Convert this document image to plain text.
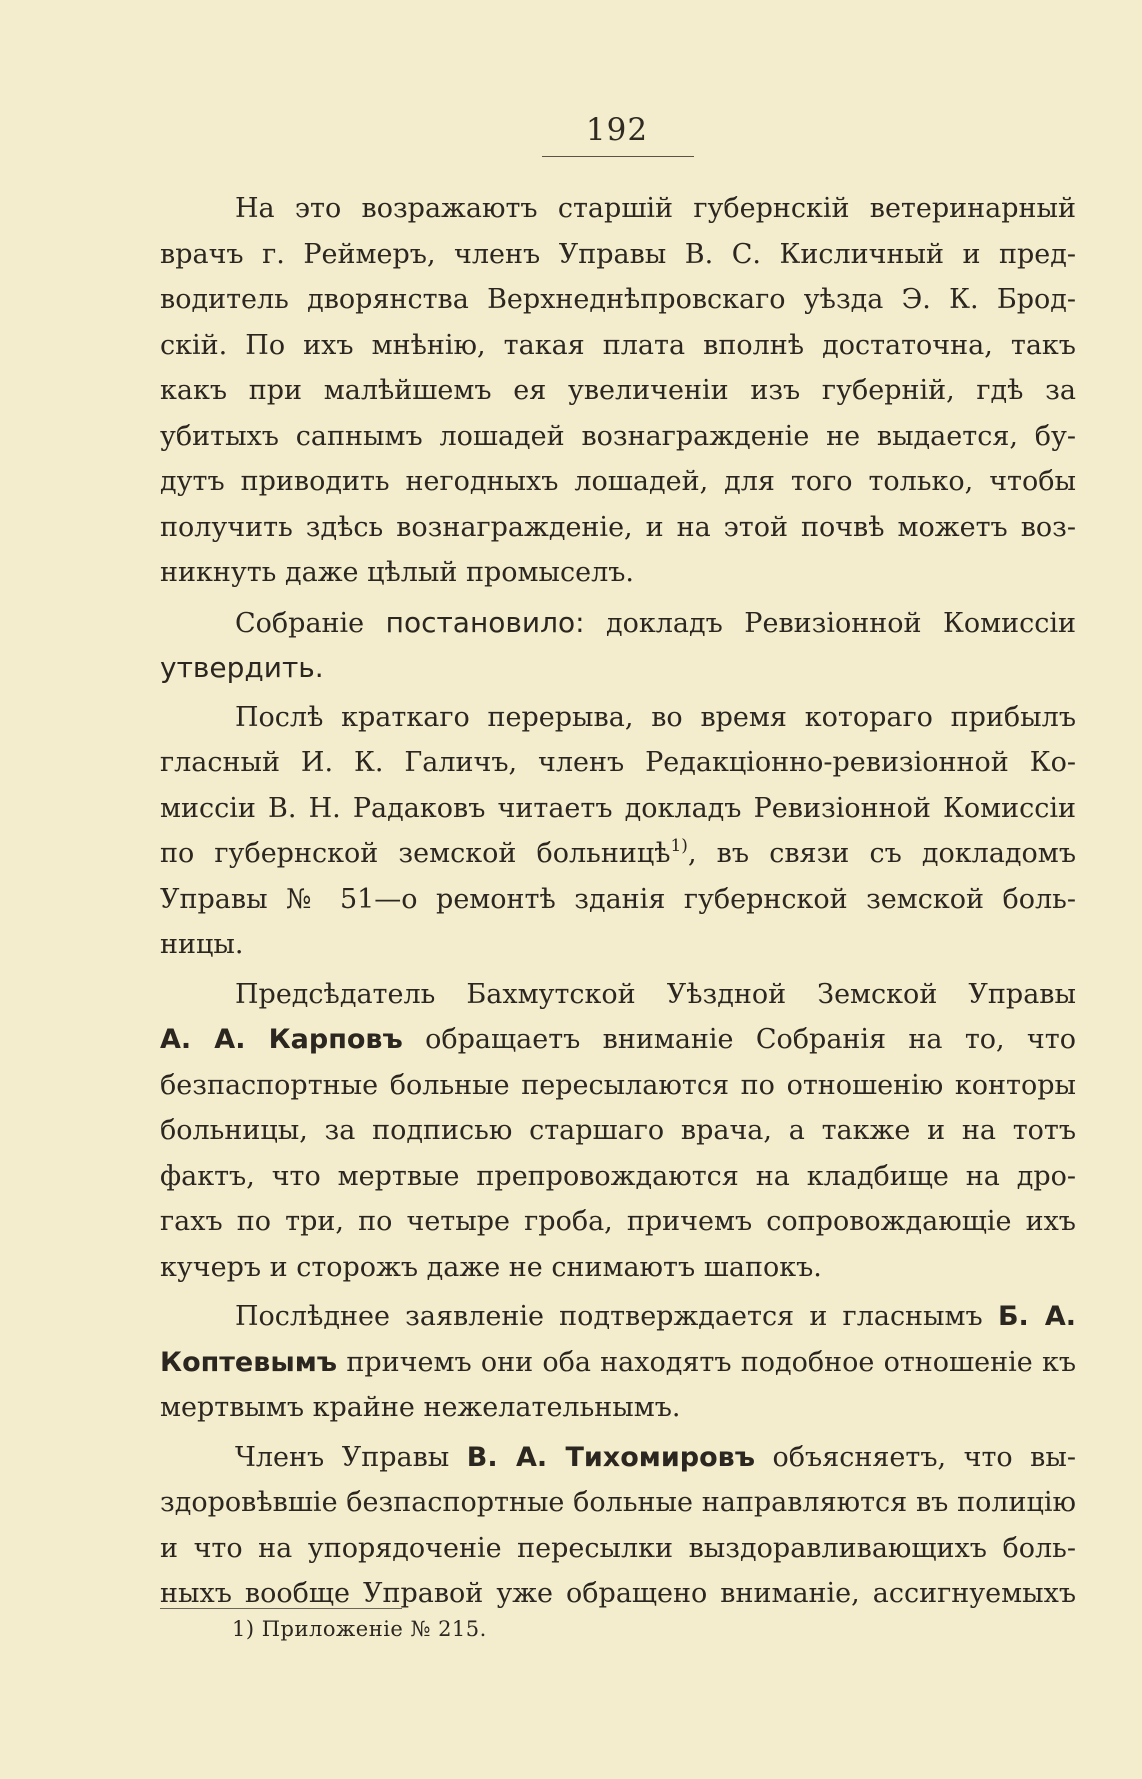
192
На это возражаютъ старшій губернскій ветеринарный
врачъ г. Реймеръ, членъ Управы В. С. Кисличный и пред-
водитель дворянства Верхнеднѣпровскаго уѣзда Э. К. Брод-
скій. По ихъ мнѣнію, такая плата вполнѣ достаточна, такъ
какъ при малѣйшемъ ея увеличеніи изъ губерній, гдѣ за
убитыхъ сапнымъ лошадей вознагражденіе не выдается, бу-
дутъ приводить негодныхъ лошадей, для того только, чтобы
получить здѣсь вознагражденіе, и на этой почвѣ можетъ воз-
никнуть даже цѣлый промыселъ.
Собраніе постановило: докладъ Ревизіонной Комиссіи
утвердить.
Послѣ краткаго перерыва, во время котораго прибылъ
гласный И. К. Галичъ, членъ Редакціонно-ревизіонной Ко-
миссіи В. Н. Радаковъ читаетъ докладъ Ревизіонной Комиссіи
по губернской земской больницѣ$^{1)}$, въ связи съ докладомъ
Управы № 51—о ремонтѣ зданія губернской земской боль-
ницы.
Предсѣдатель Бахмутской Уѣздной Земской Управы
А. А. Карповъ обращаетъ вниманіе Собранія на то, что
безпаспортные больные пересылаются по отношенію конторы
больницы, за подписью старшаго врача, а также и на тотъ
фактъ, что мертвые препровождаются на кладбище на дро-
гахъ по три, по четыре гроба, причемъ сопровождающіе ихъ
кучеръ и сторожъ даже не снимаютъ шапокъ.
Послѣднее заявленіе подтверждается и гласнымъ Б. А.
Коптевымъ причемъ они оба находятъ подобное отношеніе къ
мертвымъ крайне нежелательнымъ.
Членъ Управы В. А. Тихомировъ объясняетъ, что вы-
здоровѣвшіе безпаспортные больные направляются въ полицію
и что на упорядоченіе пересылки выздоравливающихъ боль-
ныхъ вообще Управой уже обращено вниманіе, ассигнуемыхъ
1) Приложеніе № 215.
